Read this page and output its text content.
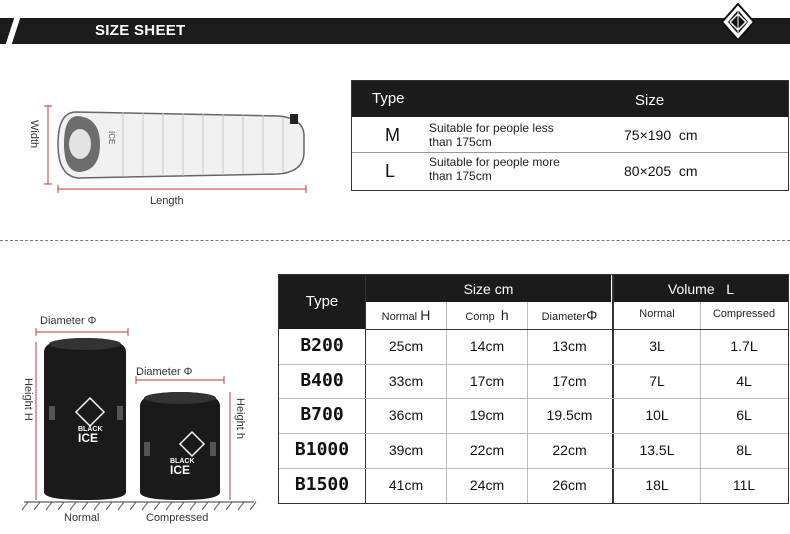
SIZE SHEET
Width
Length
ICE
Type	Size
M Suitable for people less
than 175cm	75×190 cm
L	Suitable for people more
than 175cm	80×205 cm
Diameter Φ
Diameter Φ
Height H	Height h
Normal	Compressed
BLACK
ICE
BLACK
ICE
Type
Size cm	Volume L
Normal H	Comp h	DiameterΦ	Normal	Compressed
B200	25cm	14cm	13cm	3L	1.7L
B400	33cm	17cm	17cm	7L	4L
B700	36cm	19cm	19.5cm	10L	6L
B1000	39cm	22cm	22cm	13.5L	8L
B1500	41cm	24cm	26cm	18L	11L
